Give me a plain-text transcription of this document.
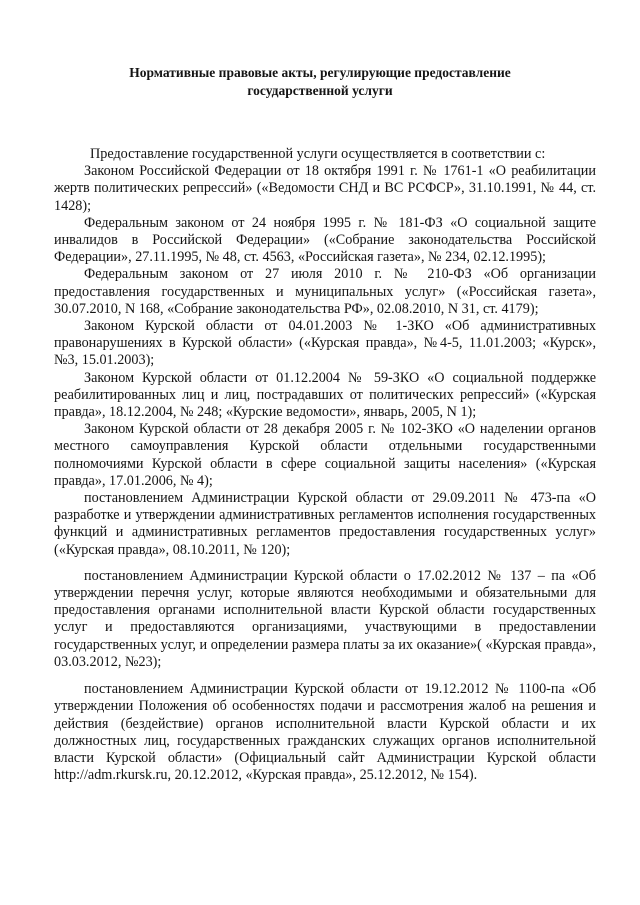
Нормативные правовые акты, регулирующие предоставление
государственной услуги

Предоставление государственной услуги осуществляется в соответствии с:

Законом Российской Федерации от 18 октября 1991 г. № 1761-1 «О реабилитации жертв политических репрессий» («Ведомости СНД и ВС РСФСР», 31.10.1991, № 44, ст. 1428);

Федеральным законом от 24 ноября 1995 г. № 181-ФЗ «О социальной защите инвалидов в Российской Федерации» («Собрание законодательства Российской Федерации», 27.11.1995, № 48, ст. 4563, «Российская газета», № 234, 02.12.1995);

Федеральным законом от 27 июля 2010 г. № 210-ФЗ «Об организации предоставления государственных и муниципальных услуг» («Российская газета», 30.07.2010, N 168, «Собрание законодательства РФ», 02.08.2010, N 31, ст. 4179);

Законом Курской области от 04.01.2003 № 1-ЗКО «Об административных правонарушениях в Курской области» («Курская правда», №4-5, 11.01.2003; «Курск», №3, 15.01.2003);

Законом Курской области от 01.12.2004 № 59-ЗКО «О социальной поддержке реабилитированных лиц и лиц, пострадавших от политических репрессий» («Курская правда», 18.12.2004, № 248; «Курские ведомости», январь, 2005, N 1);

Законом Курской области от 28 декабря 2005 г. № 102-ЗКО «О наделении органов местного самоуправления Курской области отдельными государственными полномочиями Курской области в сфере социальной защиты населения» («Курская правда», 17.01.2006, № 4);

постановлением Администрации Курской области от 29.09.2011 № 473-па «О разработке и утверждении административных регламентов исполнения государственных функций и административных регламентов предоставления государственных услуг» («Курская правда», 08.10.2011, № 120);

постановлением Администрации Курской области о 17.02.2012 № 137 – па «Об утверждении перечня услуг, которые являются необходимыми и обязательными для предоставления органами исполнительной власти Курской области государственных услуг и предоставляются организациями, участвующими в предоставлении государственных услуг, и определении размера платы за их оказание»( «Курская правда», 03.03.2012, №23);

постановлением Администрации Курской области от 19.12.2012 № 1100-па «Об утверждении Положения об особенностях подачи и рассмотрения жалоб на решения и действия (бездействие) органов исполнительной власти Курской области и их должностных лиц, государственных гражданских служащих органов исполнительной власти Курской области» (Официальный сайт Администрации Курской области http://adm.rkursk.ru, 20.12.2012, «Курская правда», 25.12.2012, № 154).
